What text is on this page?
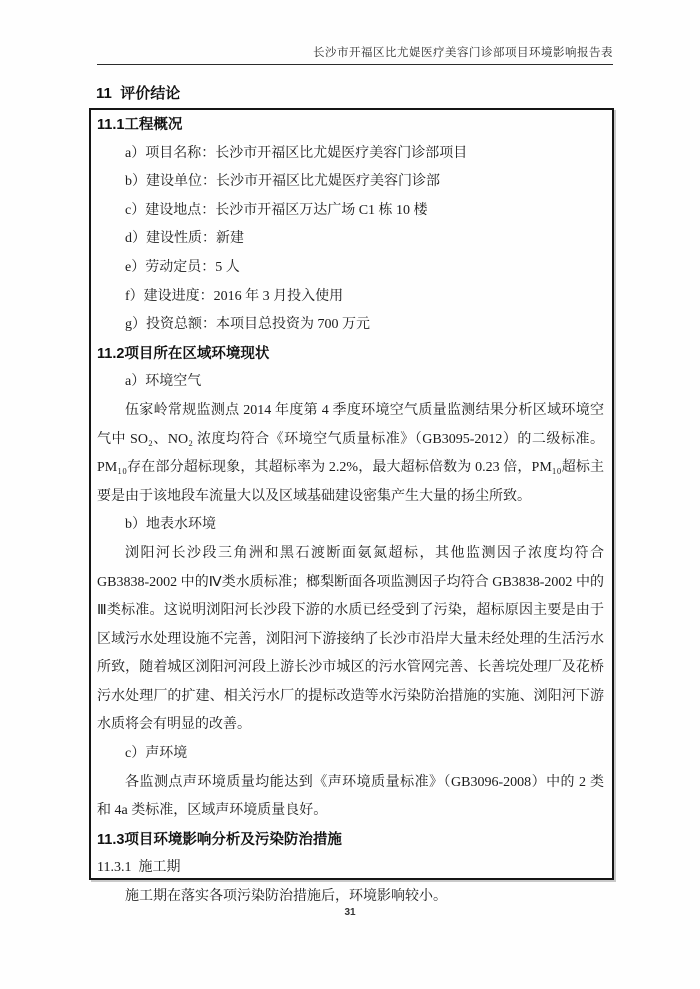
长沙市开福区比尤媞医疗美容门诊部项目环境影响报告表
11  评价结论
11.1工程概况
a）项目名称：长沙市开福区比尤媞医疗美容门诊部项目
b）建设单位：长沙市开福区比尤媞医疗美容门诊部
c）建设地点：长沙市开福区万达广场 C1 栋 10 楼
d）建设性质：新建
e）劳动定员：5 人
f）建设进度：2016 年 3 月投入使用
g）投资总额：本项目总投资为 700 万元
11.2项目所在区域环境现状
a）环境空气
伍家岭常规监测点 2014 年度第 4 季度环境空气质量监测结果分析区域环境空气中 SO₂、NO₂ 浓度均符合《环境空气质量标准》（GB3095-2012）的二级标准。PM₁₀存在部分超标现象，其超标率为 2.2%，最大超标倍数为 0.23 倍，PM₁₀超标主要是由于该地段车流量大以及区域基础建设密集产生大量的扬尘所致。
b）地表水环境
浏阳河长沙段三角洲和黑石渡断面氨氮超标，其他监测因子浓度均符合 GB3838-2002 中的Ⅳ类水质标准；榔梨断面各项监测因子均符合 GB3838-2002 中的Ⅲ类标准。这说明浏阳河长沙段下游的水质已经受到了污染，超标原因主要是由于区域污水处理设施不完善，浏阳河下游接纳了长沙市沿岸大量未经处理的生活污水所致，随着城区浏阳河河段上游长沙市城区的污水管网完善、长善垸处理厂及花桥污水处理厂的扩建、相关污水厂的提标改造等水污染防治措施的实施、浏阳河下游水质将会有明显的改善。
c）声环境
各监测点声环境质量均能达到《声环境质量标准》（GB3096-2008）中的 2 类和 4a 类标准，区域声环境质量良好。
11.3项目环境影响分析及污染防治措施
11.3.1  施工期
施工期在落实各项污染防治措施后，环境影响较小。
31
